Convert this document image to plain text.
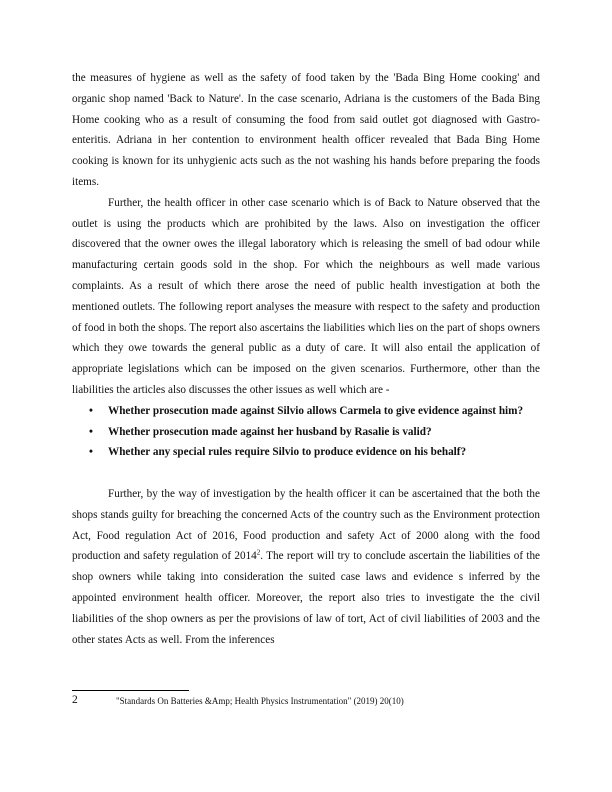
the measures of hygiene as well as the safety of food taken by the 'Bada Bing Home cooking' and organic shop named 'Back to Nature'. In the case scenario, Adriana is the customers of the Bada Bing Home cooking who as a result of consuming the food from said outlet got diagnosed with Gastro-enteritis. Adriana in her contention to environment health officer revealed that Bada Bing Home cooking is known for its unhygienic acts such as the not washing his hands before preparing the foods items.

Further, the health officer in other case scenario which is of Back to Nature observed that the outlet is using the products which are prohibited by the laws. Also on investigation the officer discovered that the owner owes the illegal laboratory which is releasing the smell of bad odour while manufacturing certain goods sold in the shop. For which the neighbours as well made various complaints. As a result of which there arose the need of public health investigation at both the mentioned outlets. The following report analyses the measure with respect to the safety and production of food in both the shops. The report also ascertains the liabilities which lies on the part of shops owners which they owe towards the general public as a duty of care. It will also entail the application of appropriate legislations which can be imposed on the given scenarios. Furthermore, other than the liabilities the articles also discusses the other issues as well which are -

• Whether prosecution made against Silvio allows Carmela to give evidence against him?
• Whether prosecution made against her husband by Rasalie is valid?
• Whether any special rules require Silvio to produce evidence on his behalf?

Further, by the way of investigation by the health officer it can be ascertained that the both the shops stands guilty for breaching the concerned Acts of the country such as the Environment protection Act, Food regulation Act of 2016, Food production and safety Act of 2000 along with the food production and safety regulation of 2014$^2$. The report will try to conclude ascertain the liabilities of the shop owners while taking into consideration the suited case laws and evidence s inferred by the appointed environment health officer. Moreover, the report also tries to investigate the the civil liabilities of the shop owners as per the provisions of law of tort, Act of civil liabilities of 2003 and the other states Acts as well. From the inferences

2	"Standards On Batteries &Amp; Health Physics Instrumentation" (2019) 20(10)
